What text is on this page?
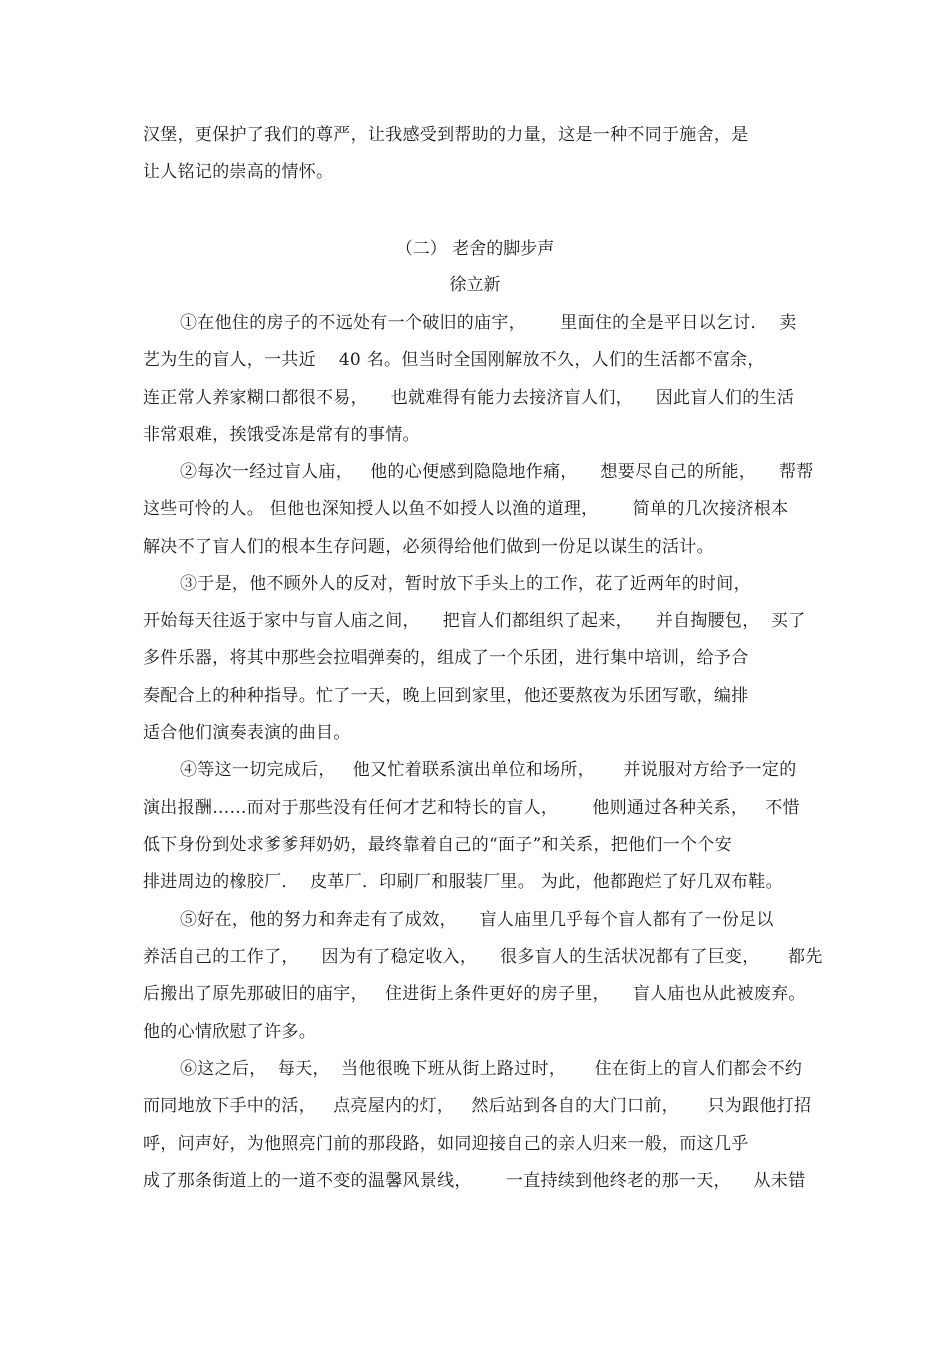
汉堡，更保护了我们的尊严，让我感受到帮助的力量，这是一种不同于施舍，是
让人铭记的崇高的情怀。
（二） 老舍的脚步声
徐立新
①在他住的房子的不远处有一个破旧的庙宇，      里面住的全是平日以乞讨．  卖
艺为生的盲人，一共近    40 名。但当时全国刚解放不久，人们的生活都不富余，
连正常人养家糊口都很不易，    也就难得有能力去接济盲人们，    因此盲人们的生活
非常艰难，挨饿受冻是常有的事情。
②每次一经过盲人庙，   他的心便感到隐隐地作痛，    想要尽自己的所能，    帮帮
这些可怜的人。 但他也深知授人以鱼不如授人以渔的道理，      简单的几次接济根本
解决不了盲人们的根本生存问题，必须得给他们做到一份足以谋生的活计。
③于是，他不顾外人的反对，暂时放下手头上的工作，花了近两年的时间，
开始每天往返于家中与盲人庙之间，    把盲人们都组织了起来，    并自掏腰包，  买了
多件乐器，将其中那些会拉唱弹奏的，组成了一个乐团，进行集中培训，给予合
奏配合上的种种指导。忙了一天，晚上回到家里，他还要熬夜为乐团写歌，编排
适合他们演奏表演的曲目。
④等这一切完成后，   他又忙着联系演出单位和场所，     并说服对方给予一定的
演出报酬……而对于那些没有任何才艺和特长的盲人，      他则通过各种关系，   不惜
低下身份到处求爹爹拜奶奶，最终靠着自己的“面子”和关系，把他们一个个安
排进周边的橡胶厂．  皮革厂．印刷厂和服装厂里。 为此，他都跑烂了好几双布鞋。
⑤好在，他的努力和奔走有了成效，    盲人庙里几乎每个盲人都有了一份足以
养活自己的工作了，    因为有了稳定收入，    很多盲人的生活状况都有了巨变，     都先
后搬出了原先那破旧的庙宇，   住进街上条件更好的房子里，    盲人庙也从此被废弃。
他的心情欣慰了许多。
⑥这之后，  每天，  当他很晚下班从街上路过时，     住在街上的盲人们都会不约
而同地放下手中的活，   点亮屋内的灯，   然后站到各自的大门口前，     只为跟他打招
呼，问声好，为他照亮门前的那段路，如同迎接自己的亲人归来一般，而这几乎
成了那条街道上的一道不变的温馨风景线，      一直持续到他终老的那一天，    从未错
